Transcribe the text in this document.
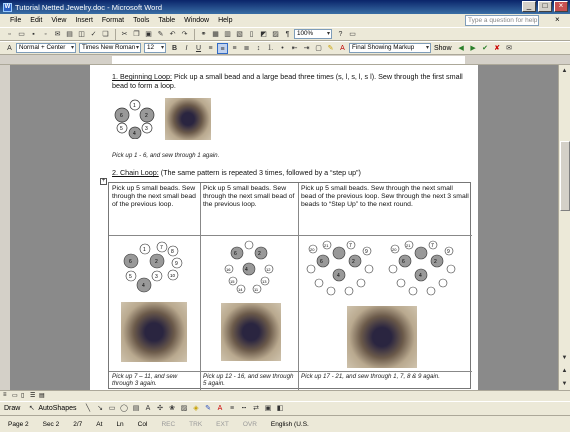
W Tutorial Netted Jewelry.doc - Microsoft Word	_	□	×
File Edit View Insert Format Tools Table Window Help	Type a question for help ×
▫	▭	▪	◦	✉ ▤ ◫ ✓ ❏	✂ ❐ ▣ ✎ ↶ ↷	⚭ ▦ ▥ ▧ ▯ ◩ ▨ ¶	100% ▾	? ▭
A	Normal + Center ▾	Times New Roman ▾	12 ▾	B	I	U	≡	≡	≡	≣	↕ ⒈	•	⇤ ⇥ ▢ ✎ A	Final Showing Markup ▾	Show ◀ ▶ ✔ ✘ ✉
1. Beginning Loop: Pick up a small bead and a large bead three times (s, l, s, l, s l). Sew through the first small bead to form a loop.
1
2
3
4
5
6
Pick up 1 - 6, and sew through 1 again.
2. Chain Loop: (The same pattern is repeated 3 times, followed by a “step up”)
+
Pick up 5 small beads. Sew through the next small bead of the previous loop.
Pick up 5 small beads. Sew through the next small bead of the previous loop.
Pick up 5 small beads. Sew through the next small bead of the previous loop. Sew through the next 3 small beads to “Step Up” to the next round.
1
2
3
4
5
6
7
8
9
10
4
6	2
16	12
15	13
14	11
20
21	7
9
4
6	2
20
21	7
9
4
6	2
Pick up 7 – 11, and sew through 3 again.
Pick up 12 - 16, and sew through 5 again.
Pick up 17 - 21, and sew through 1, 7, 8 & 9 again.
▲
▼
▲
▼
≡ ▭ ▯ ☰ ▤
Draw	↖ AutoShapes	╲ ↘ ▭ ◯ ▤ A ✣ ❀ ▨ ◈ ✎ A	≡	┅ ⇄ ▣ ◧
Page 2 Sec 2 2/7 At Ln Col REC TRK EXT OVR English (U.S.
